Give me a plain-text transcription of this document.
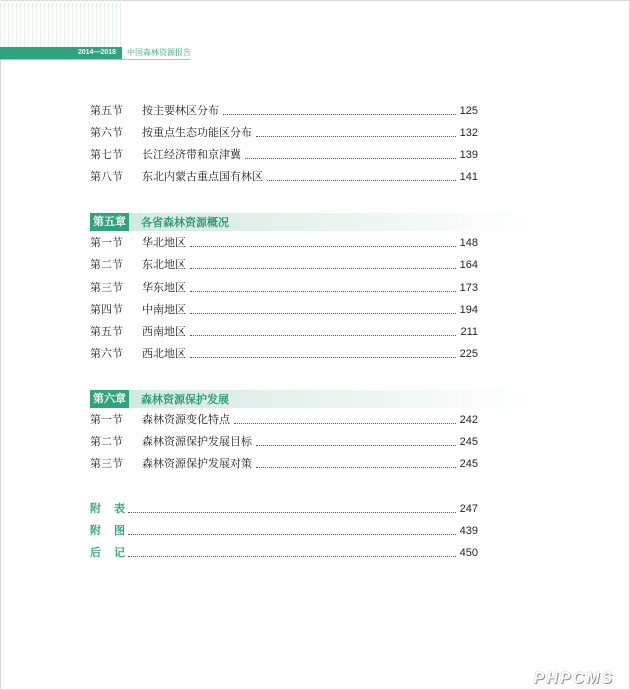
2014—2018	中国森林资源报告
第五节	按主要林区分布	125
第六节	按重点生态功能区分布	132
第七节	长江经济带和京津冀	139
第八节	东北内蒙古重点国有林区	141
第五章 各省森林资源概况
第一节	华北地区	148
第二节	东北地区	164
第三节	华东地区	173
第四节	中南地区	194
第五节	西南地区	211
第六节	西北地区	225
第六章 森林资源保护发展
第一节	森林资源变化特点	242
第二节	森林资源保护发展目标	245
第三节	森林资源保护发展对策	245
附　表	247
附　图	439
后　记	450
PHPCMS
